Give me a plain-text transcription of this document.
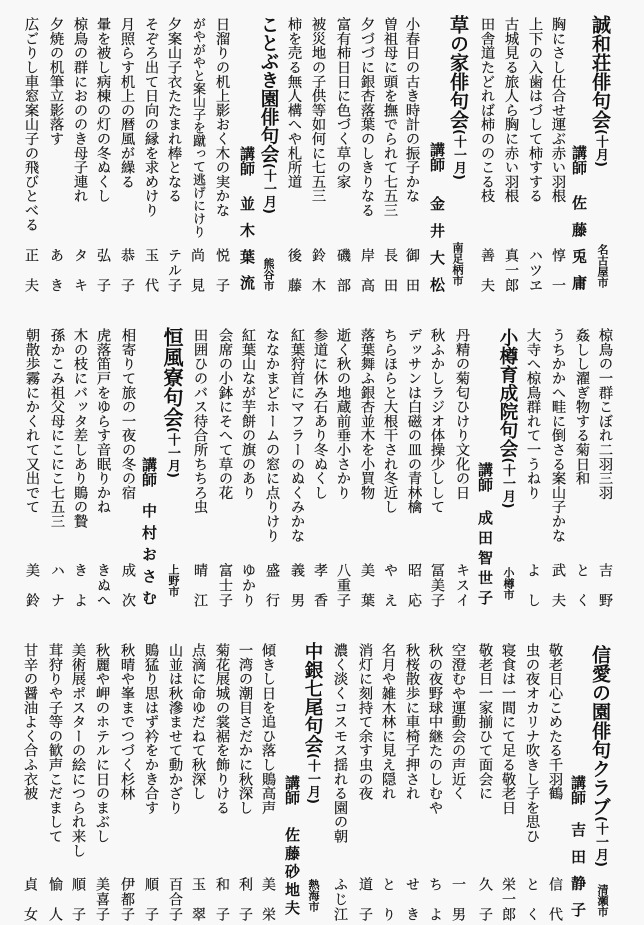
誠和荘俳句会(十月)
名古屋市
講師
佐藤兎庸
胸にさし仕合せ運ぶ赤い羽根
惇一
上下の入歯はづして柿すする
ハツヱ
古城見る旅人ら胸に赤い羽根
真一郎
田舎道たどれば柿ののこる枝
善夫
草の家俳句会(十一月)
南足柄市
講師
金井大松
小春日の古き時計の振子かな
御田
曽祖母に頭を撫でられて七五三
長田
夕づづに銀杏落葉のしきりなる
岸高
富有柿日日に色づく草の家
磯部
被災地の子供等如何に七五三
鈴木
柿を売る無人構へや札所道
後藤
ことぶき園俳句会(十一月)
熊谷市
講師
並木葉流
日溜りの机上影おく木の実かな
悦子
がやがやと案山子を蹴って逃げにけり
尚見
夕案山子衣たたまれ棒となる
テル子
そぞろ出て日向の縁を求めけり
玉代
月照らす机上の暦風が繰る
恭子
暈を被し病棟の灯の冬ぬくし
弘子
椋鳥の群におののき母子連れ
タキ
夕焼の机筆立影落す
あき
広ごりし車窓案山子の飛びとべる
正夫
椋鳥の一群こぼれ二羽三羽
吉野
姦しし濯ぎ物する菊日和
とく
うちかかへ畦に倒さる案山子かな
武夫
大寺へ椋鳥群れて一うねり
よし
小樽育成院句会(十一月)
小樽市
講師
成田智世子
丹精の菊匂ひけり文化の日
キスイ
秋ふかしラジオ体操少しして
冨美子
デッサンは白磁の皿の青林檎
昭応
ちらほらと大根干され冬近し
やえ
落葉舞ふ銀杏並木を小買物
美葉
逝く秋の地蔵前垂小さかり
八重子
参道に休み石あり冬ぬくし
孝香
紅葉狩首にマフラーのぬくみかな
義男
ななかまどホームの窓に点りけり
盛行
紅葉山なが芋餅の旗のあり
ゆかり
会席の小鉢にそへて草の花
富士子
田囲ひのバス待合所ちちろ虫
晴江
恒風寮句会(十一月)
上野市
講師
中村おさむ
相寄りて旅の一夜の冬の宿
成次
虎落笛戸をゆらす音眠りかね
きぬへ
木の枝にバッタ差しあり鵙の贄
きよ
孫かこみ祖父母にこにこ七五三
ハナ
朝散歩霧にかくれて又出でて
美鈴
信愛の園俳句クラブ(十一月)
清瀬市
講師
吉田静子
敬老日心こめたる千羽鶴
信代
虫の夜オカリナ吹きし子を思ひ
とく
寝食は一間にて足る敬老日
栄一郎
敬老日一家揃ひて面会に
久子
空澄むや運動会の声近く
一男
秋の夜野球中継たのしむや
ちよ
秋桜散歩に車椅子押され
せき
名月や雑木林に見え隠れ
とり
消灯に刻持て余す虫の夜
道子
濃く淡くコスモス揺れる園の朝
ふじ江
中銀七尾句会(十一月)
熱海市
講師
佐藤砂地夫
傾きし日を追ひ落し鵙高声
美栄
一湾の潮目さだかに秋深し
利子
菊花展城の裳裾を飾りける
和子
点滴に命ゆだねて秋深し
玉翠
山並は秋滲ませて動かざり
百合子
鵙猛り思はず衿をかき合す
順子
秋晴や峯までつづく杉林
伊都子
秋麗や岬のホテルに日のまぶし
美喜子
美術展ポスターの絵につられ来し
順子
茸狩りや子等の歓声こだまして
愉人
甘辛の醤油よく合ふ衣被
貞女
